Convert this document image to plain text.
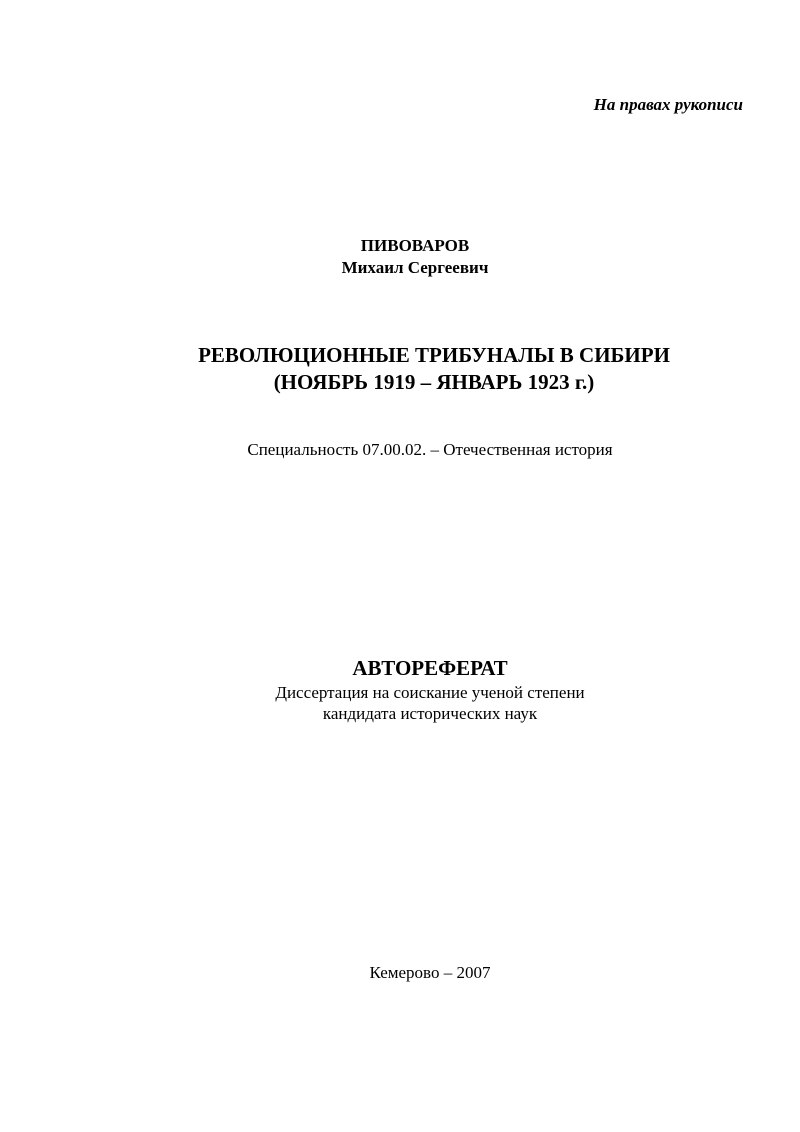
На правах рукописи
ПИВОВАРОВ
Михаил Сергеевич
РЕВОЛЮЦИОННЫЕ ТРИБУНАЛЫ В СИБИРИ
(НОЯБРЬ 1919 – ЯНВАРЬ 1923 г.)
Специальность 07.00.02. – Отечественная история
АВТОРЕФЕРАТ
Диссертация на соискание ученой степени
кандидата исторических наук
Кемерово – 2007
